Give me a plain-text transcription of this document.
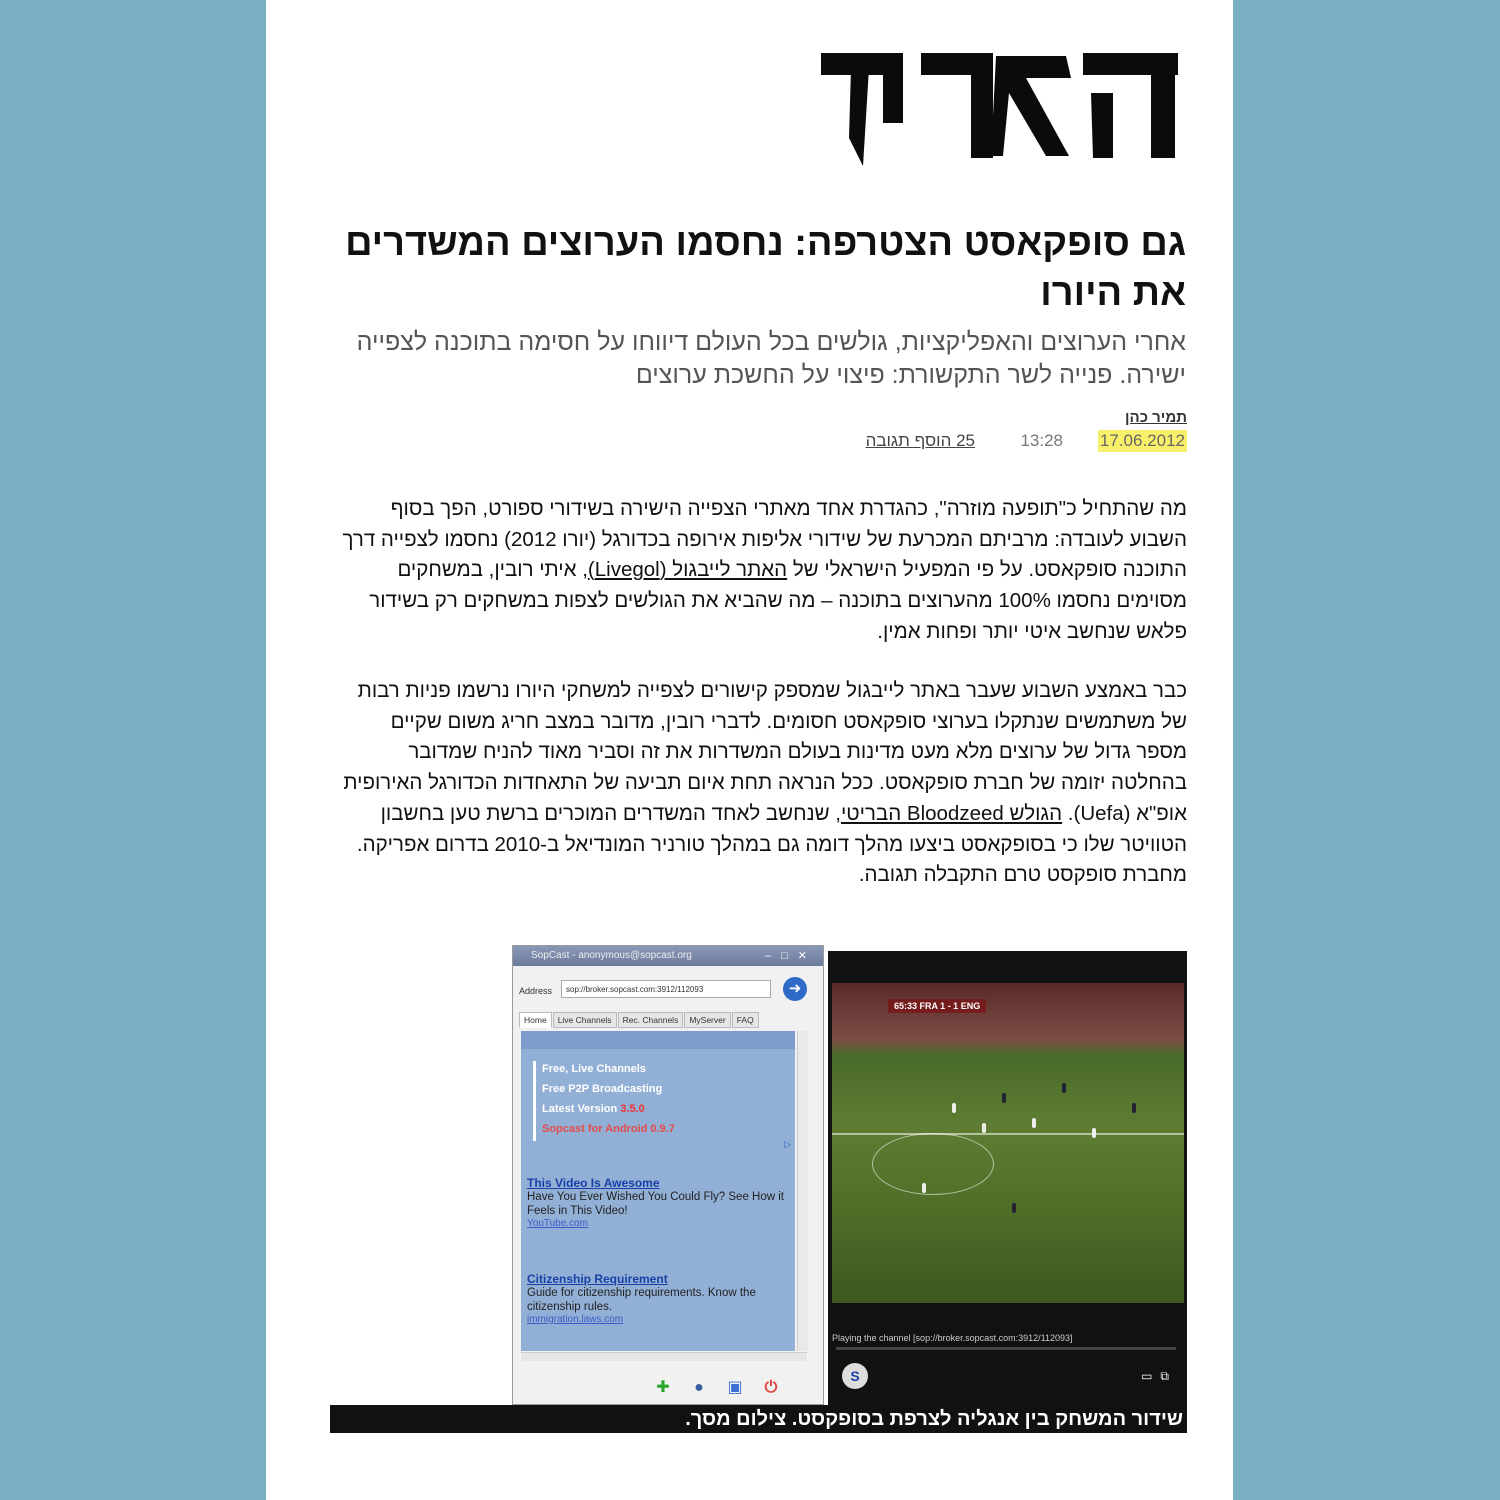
גם סופקאסט הצטרפה: נחסמו הערוצים המשדרים את היורו
אחרי הערוצים והאפליקציות, גולשים בכל העולם דיווחו על חסימה בתוכנה לצפייה ישירה. פנייה לשר התקשורת: פיצוי על החשכת ערוצים
תמיר כהן
17.06.2012
13:28
25 הוסף תגובה
מה שהתחיל כ"תופעה מוזרה", כהגדרת אחד מאתרי הצפייה הישירה בשידורי ספורט, הפך בסוף השבוע לעובדה: מרביתם המכרעת של שידורי אליפות אירופה בכדורגל (יורו 2012) נחסמו לצפייה דרך התוכנה סופקאסט. על פי המפעיל הישראלי של האתר לייבגול (Livegol), איתי רובין, במשחקים מסוימים נחסמו 100% מהערוצים בתוכנה – מה שהביא את הגולשים לצפות במשחקים רק בשידור פלאש שנחשב איטי יותר ופחות אמין.
כבר באמצע השבוע שעבר באתר לייבגול שמספק קישורים לצפייה למשחקי היורו נרשמו פניות רבות של משתמשים שנתקלו בערוצי סופקאסט חסומים. לדברי רובין, מדובר במצב חריג משום שקיים מספר גדול של ערוצים מלא מעט מדינות בעולם המשדרות את זה וסביר מאוד להניח שמדובר בהחלטה יזומה של חברת סופקאסט. ככל הנראה תחת איום תביעה של התאחדות הכדורגל האירופית אופ"א (Uefa). הגולש Bloodzeed הבריטי, שנחשב לאחד המשדרים המוכרים ברשת טען בחשבון הטוויטר שלו כי בסופקאסט ביצעו מהלך דומה גם במהלך טורניר המונדיאל ב-2010 בדרום אפריקה. מחברת סופקסט טרם התקבלה תגובה.
SopCast - anonymous@sopcast.org	–□✕
Address	sop://broker.sopcast.com:3912/112093	➜
Home	Live Channels	Rec. Channels	MyServer	FAQ
Free, Live Channels
Free P2P Broadcasting
Latest Version 3.5.0
Sopcast for Android 0.9.7
▷
This Video Is Awesome
Have You Ever Wished You Could Fly? See How it Feels in This Video!
YouTube.com
Citizenship Requirement
Guide for citizenship requirements. Know the citizenship rules.
immigration.laws.com
✚	●	▣ ⏻
65:33 FRA 1 - 1 ENG
Playing the channel [sop://broker.sopcast.com:3912/112093]
S	▭⧉
שידור המשחק בין אנגליה לצרפת בסופקסט. צילום מסך.
